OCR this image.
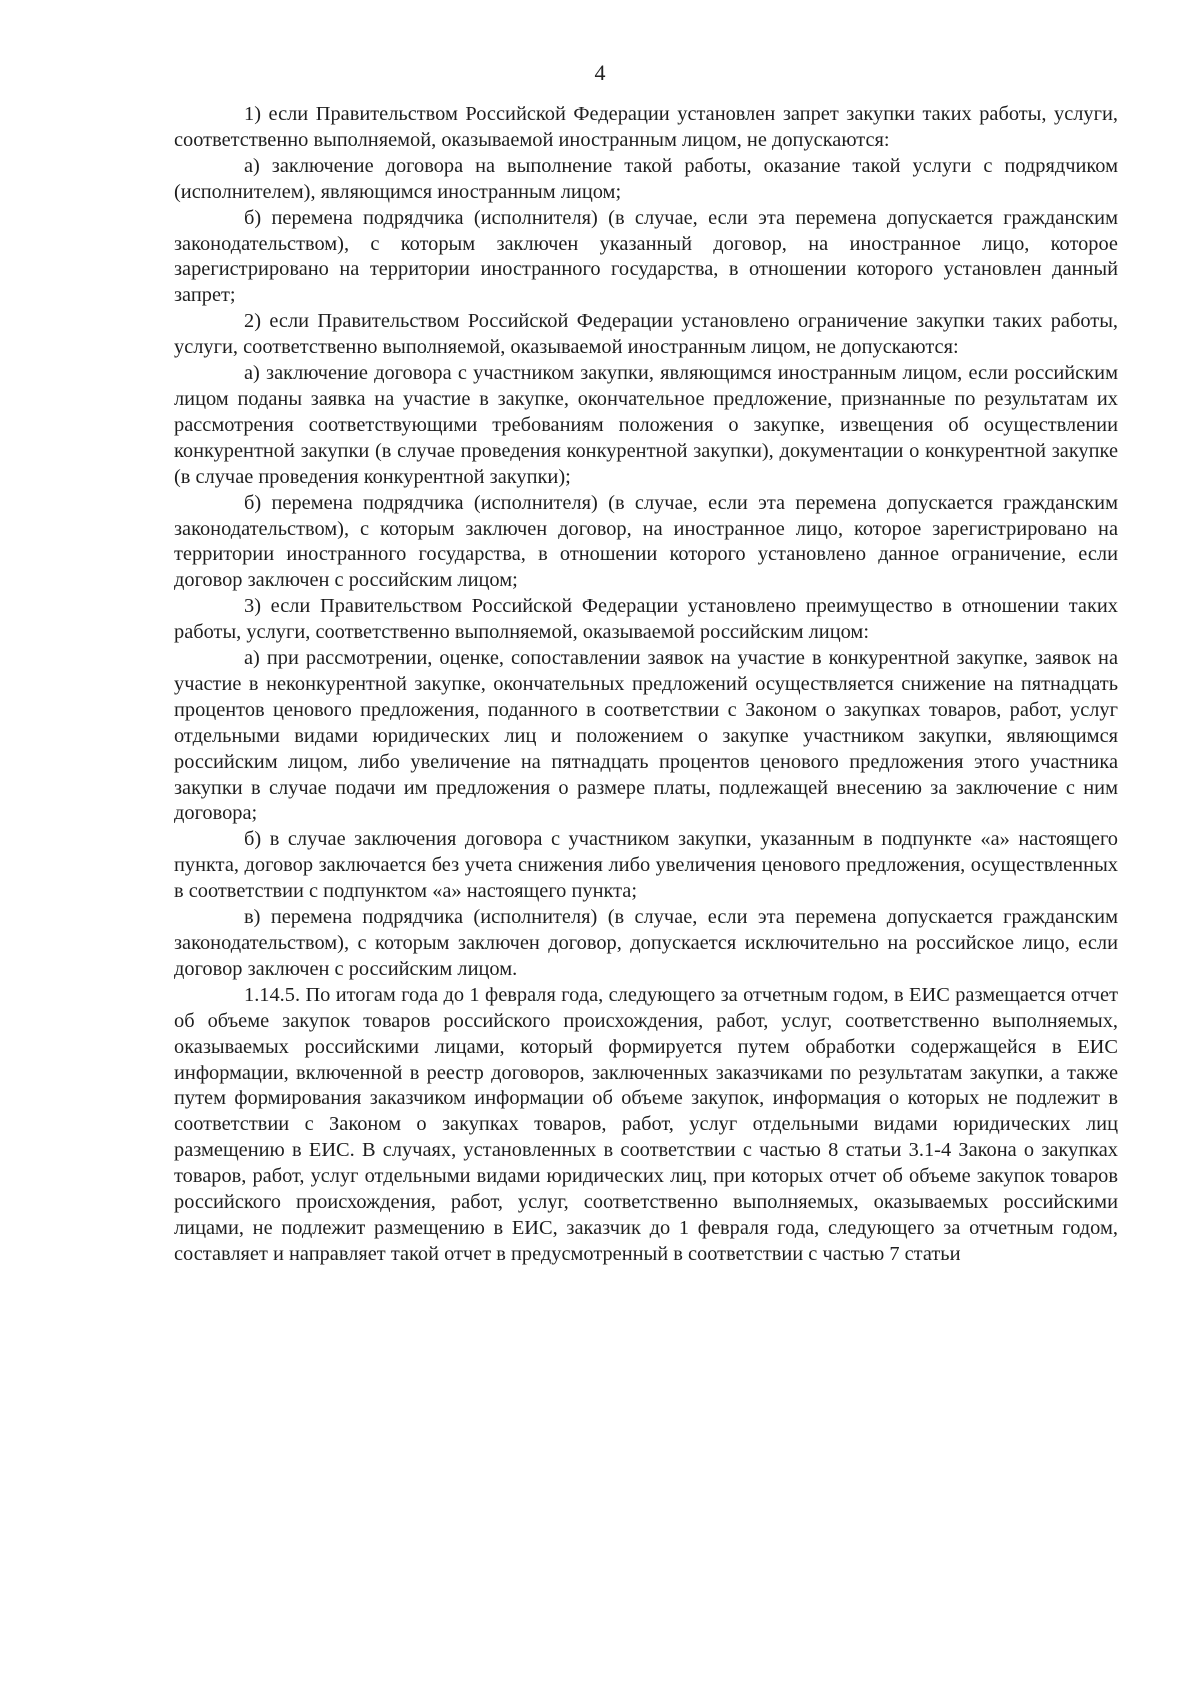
4

1) если Правительством Российской Федерации установлен запрет закупки таких работы, услуги, соответственно выполняемой, оказываемой иностранным лицом, не допускаются:

а) заключение договора на выполнение такой работы, оказание такой услуги с подрядчиком (исполнителем), являющимся иностранным лицом;

б) перемена подрядчика (исполнителя) (в случае, если эта перемена допускается гражданским законодательством), с которым заключен указанный договор, на иностранное лицо, которое зарегистрировано на территории иностранного государства, в отношении которого установлен данный запрет;

2) если Правительством Российской Федерации установлено ограничение закупки таких работы, услуги, соответственно выполняемой, оказываемой иностранным лицом, не допускаются:

а) заключение договора с участником закупки, являющимся иностранным лицом, если российским лицом поданы заявка на участие в закупке, окончательное предложение, признанные по результатам их рассмотрения соответствующими требованиям положения о закупке, извещения об осуществлении конкурентной закупки (в случае проведения конкурентной закупки), документации о конкурентной закупке (в случае проведения конкурентной закупки);

б) перемена подрядчика (исполнителя) (в случае, если эта перемена допускается гражданским законодательством), с которым заключен договор, на иностранное лицо, которое зарегистрировано на территории иностранного государства, в отношении которого установлено данное ограничение, если договор заключен с российским лицом;

3) если Правительством Российской Федерации установлено преимущество в отношении таких работы, услуги, соответственно выполняемой, оказываемой российским лицом:

а) при рассмотрении, оценке, сопоставлении заявок на участие в конкурентной закупке, заявок на участие в неконкурентной закупке, окончательных предложений осуществляется снижение на пятнадцать процентов ценового предложения, поданного в соответствии с Законом о закупках товаров, работ, услуг отдельными видами юридических лиц и положением о закупке участником закупки, являющимся российским лицом, либо увеличение на пятнадцать процентов ценового предложения этого участника закупки в случае подачи им предложения о размере платы, подлежащей внесению за заключение с ним договора;

б) в случае заключения договора с участником закупки, указанным в подпункте «а» настоящего пункта, договор заключается без учета снижения либо увеличения ценового предложения, осуществленных в соответствии с подпунктом «а» настоящего пункта;

в) перемена подрядчика (исполнителя) (в случае, если эта перемена допускается гражданским законодательством), с которым заключен договор, допускается исключительно на российское лицо, если договор заключен с российским лицом.

1.14.5. По итогам года до 1 февраля года, следующего за отчетным годом, в ЕИС размещается отчет об объеме закупок товаров российского происхождения, работ, услуг, соответственно выполняемых, оказываемых российскими лицами, который формируется путем обработки содержащейся в ЕИС информации, включенной в реестр договоров, заключенных заказчиками по результатам закупки, а также путем формирования заказчиком информации об объеме закупок, информация о которых не подлежит в соответствии с Законом о закупках товаров, работ, услуг отдельными видами юридических лиц размещению в ЕИС. В случаях, установленных в соответствии с частью 8 статьи 3.1-4 Закона о закупках товаров, работ, услуг отдельными видами юридических лиц, при которых отчет об объеме закупок товаров российского происхождения, работ, услуг, соответственно выполняемых, оказываемых российскими лицами, не подлежит размещению в ЕИС, заказчик до 1 февраля года, следующего за отчетным годом, составляет и направляет такой отчет в предусмотренный в соответствии с частью 7 статьи
